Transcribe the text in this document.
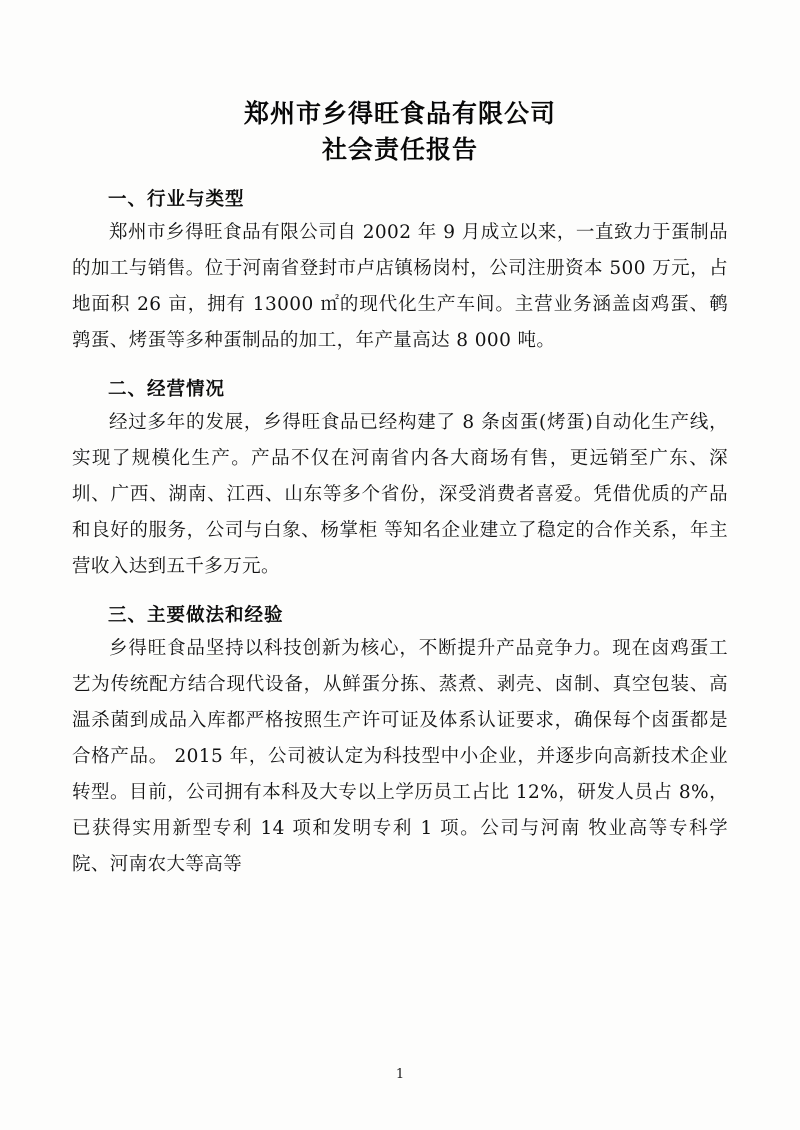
郑州市乡得旺食品有限公司
社会责任报告
一、行业与类型

郑州市乡得旺食品有限公司自 2002 年 9 月成立以来，一直致力于蛋制品的加工与销售。位于河南省登封市卢店镇杨岗村，公司注册资本 500 万元，占地面积 26 亩，拥有 13000 ㎡的现代化生产车间。主营业务涵盖卤鸡蛋、鹌鹑蛋、烤蛋等多种蛋制品的加工，年产量高达 8 000 吨。

二、经营情况

经过多年的发展，乡得旺食品已经构建了 8 条卤蛋(烤蛋)自动化生产线，实现了规模化生产。产品不仅在河南省内各大商场有售，更远销至广东、深圳、广西、湖南、江西、山东等多个省份，深受消费者喜爱。凭借优质的产品和良好的服务，公司与白象、杨掌柜 等知名企业建立了稳定的合作关系，年主营收入达到五千多万元。

三、主要做法和经验

乡得旺食品坚持以科技创新为核心，不断提升产品竞争力。现在卤鸡蛋工艺为传统配方结合现代设备，从鲜蛋分拣、蒸煮、剥壳、卤制、真空包装、高温杀菌到成品入库都严格按照生产许可证及体系认证要求，确保每个卤蛋都是合格产品。 2015 年，公司被认定为科技型中小企业，并逐步向高新技术企业转型。目前，公司拥有本科及大专以上学历员工占比 12%，研发人员占 8%，已获得实用新型专利 14 项和发明专利 1 项。公司与河南 牧业高等专科学 院、河南农大等高等

1
